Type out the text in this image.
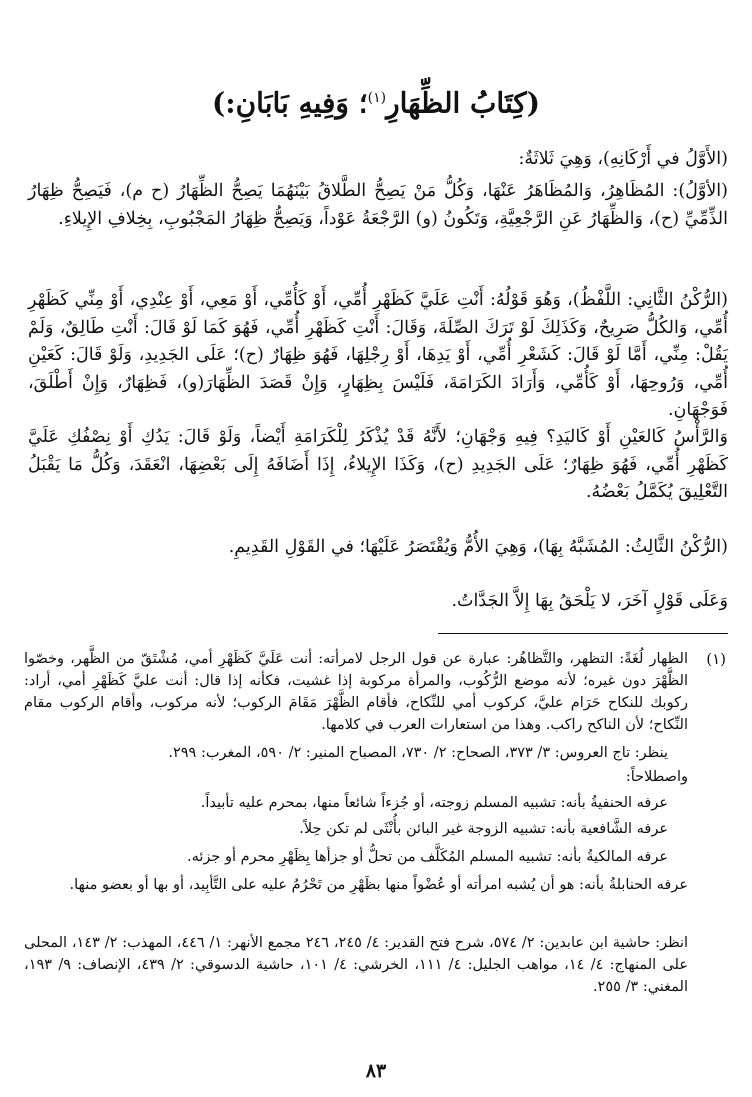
(كِتَابُ الظِّهَارِ$^{(١)}$؛ وَفِيهِ بَابَانِ:)
(الأَوَّلُ في أَرْكَانِهِ)، وَهِيَ ثَلاثَةٌ:
(الأوَّلُ): المُظَاهِرُ، وَالمُظَاهَرُ عَنْهَا، وَكُلُّ مَنْ يَصِحُّ الطَّلاقُ بَيْنَهُمَا يَصِحُّ الظِّهَارُ (ح م)، فَيَصِحُّ ظِهَارُ الذِّمِّيِّ (ح)، وَالظِّهَارُ عَنِ الرَّجْعِيَّةِ، وَتَكُونُ (و) الرَّجْعَةُ عَوْداً، وَيَصِحُّ ظِهَارُ المَجْبُوبِ، بِخِلافِ الإِيلاءِ.
(الرُّكْنُ الثَّانِي: اللَّفْظُ)، وَهُوَ قَوْلُهُ: أَنْتِ عَلَيَّ كَظَهْرِ أُمِّي، أَوْ كَأُمِّي، أَوْ مَعِي، أَوْ عِنْدِي، أَوْ مِنِّي كَظَهْرِ أُمِّي، وَالكُلُّ صَرِيحٌ، وَكَذَلِكَ لَوْ تَرَكَ الصِّلَةَ، وَقَالَ: أَنْتِ كَظَهْرِ أُمِّي، فَهُوَ كَمَا لَوْ قَالَ: أَنْتِ طَالِقٌ، وَلَمْ يَقُلْ: مِنِّي، أَمَّا لَوْ قَالَ: كَشَعْرِ أُمِّي، أَوْ يَدِهَا، أَوْ رِجْلِهَا، فَهُوَ ظِهَارٌ (ح)؛ عَلَى الجَدِيدِ، وَلَوْ قَالَ: كَعَيْنِ أُمِّي، وَرُوحِهَا، أَوْ كَأُمِّي، وَأَرَادَ الكَرَامَةَ، فَلَيْسَ بِظِهَارٍ، وَإِنْ قَصَدَ الظِّهَارَ(و)، فَظِهَارٌ، وَإِنْ أَطْلَقَ، فَوَجْهَانِ.
وَالرَّأْسُ كَالعَيْنِ أَوْ كَاليَدِ؟ فِيهِ وَجْهَانِ؛ لأَنَّهُ قَدْ يُذْكَرُ لِلْكَرَامَةِ أَيْضاً، وَلَوْ قَالَ: يَدُكِ أَوْ نِصْفُكِ عَلَيَّ كَظَهْرِ أُمِّي، فَهُوَ ظِهَارٌ؛ عَلَى الجَدِيدِ (ح)، وَكَذَا الإِيلاءُ، إِذَا أَضَافَهُ إِلَى بَعْضِهَا، انْعَقَدَ، وَكُلُّ مَا يَقْبَلُ التَّعْلِيقَ يُكَمَّلُ بَعْضُهُ.
(الرُّكْنُ الثَّالِثُ: المُشَبَّهُ بِهَا)، وَهِيَ الأُمُّ وَيُقْتَصَرُ عَلَيْهَا؛ في القَوْلِ القَدِيمِ.
وَعَلَى قَوْلٍ آخَرَ، لا يَلْحَقُ بِهَا إِلاَّ الجَدَّاتُ.
(١)
الظهار لُغَةً: التظهر، والتَّظاهُر: عبارة عن قول الرجل لامرأته: أنت عَلَيَّ كَظَهْرِ أمي، مُشْتَقّ من الظَّهر، وخصّوا الظَّهْرَ دون غيره؛ لأنه موضع الرُّكُوب، والمرأة مركوبة إذا غشيت، فكأنه إذا قال: أنت عليَّ كَظَهْرِ أمي، أراد: ركوبك للنكاح حَرَام عليَّ، كركوب أمي للنِّكاح، فأقام الظَّهْرَ مَقَامَ الركوب؛ لأنه مركوب، وأقام الركوب مقام النِّكاح؛ لأن الناكح راكب. وهذا من استعارات العرب في كلامها.
ينظر: تاج العروس: ٣/ ٣٧٣، الصحاح: ٢/ ٧٣٠، المصباح المنير: ٢/ ٥٩٠، المغرب: ٢٩٩.
واصطلاحاً:
عرفه الحنفيةُ بأنه: تشبيه المسلم زوجته، أو جُزءاً شائعاً منها، بمحرم عليه تأبيداً.
عرفه الشَّافعية بأنه: تشبيه الزوجة غير البائن بأُنْثَى لم تكن حِلاً.
عرفه المالكيةُ بأنه: تشبيه المسلم المُكَلَّف من تحلُّ أو جزأها بِظَهْرِ محرم أو جزئه.
عرفه الحنابلةُ بأنه: هو أن يُشبه امرأته أو عُضْواً منها بظَهْرِ من تَحْرُمُ عليه على التَّأبِيد، أو بها أو بعضو منها.
انظر: حاشية ابن عابدين: ٢/ ٥٧٤، شرح فتح القدير: ٤/ ٢٤٥، ٢٤٦ مجمع الأنهر: ١/ ٤٤٦، المهذب: ٢/ ١٤٣، المحلى على المنهاج: ٤/ ١٤، مواهب الجليل: ٤/ ١١١، الخرشي: ٤/ ١٠١، حاشية الدسوقي: ٢/ ٤٣٩، الإنصاف: ٩/ ١٩٣، المغني: ٣/ ٢٥٥.
٨٣
